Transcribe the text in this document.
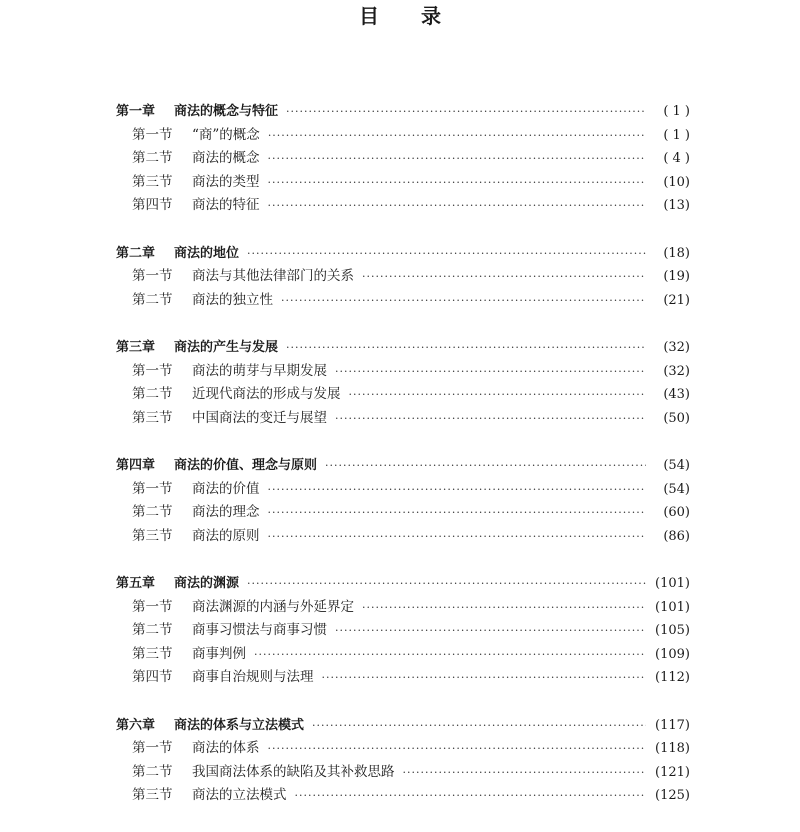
目 录
第一章	商法的概念与特征 ·····	( 1 )
第一节	“商”的概念 ·····	( 1 )
第二节	商法的概念 ·····	( 4 )
第三节	商法的类型 ·····	(10)
第四节	商法的特征 ·····	(13)
第二章	商法的地位 ·····	(18)
第一节	商法与其他法律部门的关系 ·····	(19)
第二节	商法的独立性 ·····	(21)
第三章	商法的产生与发展 ·····	(32)
第一节	商法的萌芽与早期发展 ·····	(32)
第二节	近现代商法的形成与发展 ·····	(43)
第三节	中国商法的变迁与展望 ·····	(50)
第四章	商法的价值、理念与原则 ·····	(54)
第一节	商法的价值 ·····	(54)
第二节	商法的理念 ·····	(60)
第三节	商法的原则 ·····	(86)
第五章	商法的渊源 ·····	(101)
第一节	商法渊源的内涵与外延界定 ·····	(101)
第二节	商事习惯法与商事习惯 ·····	(105)
第三节	商事判例 ·····	(109)
第四节	商事自治规则与法理 ·····	(112)
第六章	商法的体系与立法模式 ·····	(117)
第一节	商法的体系 ·····	(118)
第二节	我国商法体系的缺陷及其补救思路 ·····	(121)
第三节	商法的立法模式 ·····	(125)
